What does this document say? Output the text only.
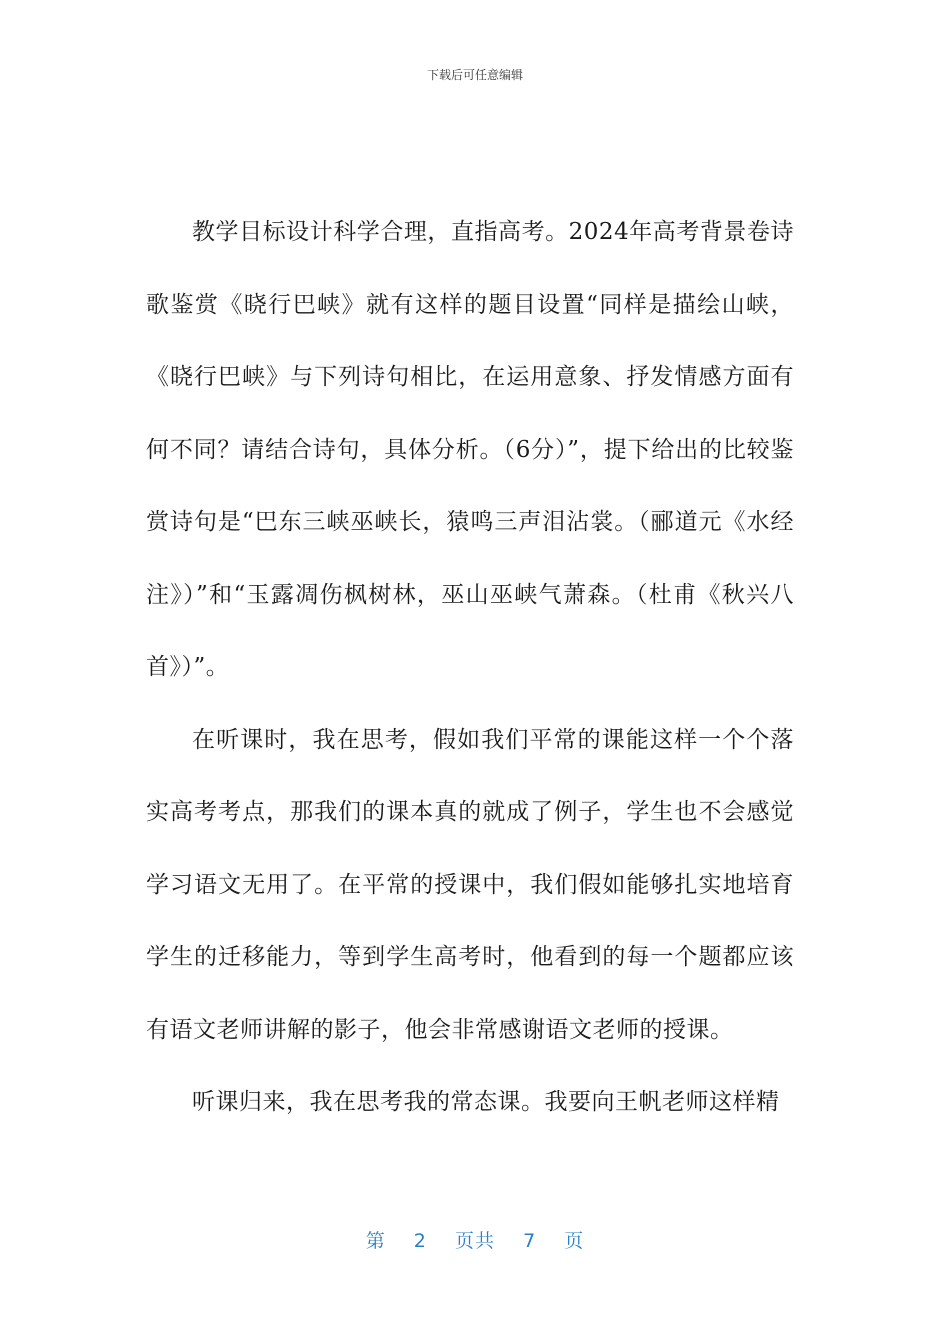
下载后可任意编辑

教学目标设计科学合理，直指高考。2024年高考背景卷诗歌鉴赏《晓行巴峡》就有这样的题目设置“同样是描绘山峡，《晓行巴峡》与下列诗句相比，在运用意象、抒发情感方面有何不同？请结合诗句，具体分析。（6分）”，提下给出的比较鉴赏诗句是“巴东三峡巫峡长，猿鸣三声泪沾裳。（郦道元《水经注》）”和“玉露凋伤枫树林，巫山巫峡气萧森。（杜甫《秋兴八首》）”。

在听课时，我在思考，假如我们平常的课能这样一个个落实高考考点，那我们的课本真的就成了例子，学生也不会感觉学习语文无用了。在平常的授课中，我们假如能够扎实地培育学生的迁移能力，等到学生高考时，他看到的每一个题都应该有语文老师讲解的影子，他会非常感谢语文老师的授课。

听课归来，我在思考我的常态课。我要向王帆老师这样精

第 2 页共 7 页
